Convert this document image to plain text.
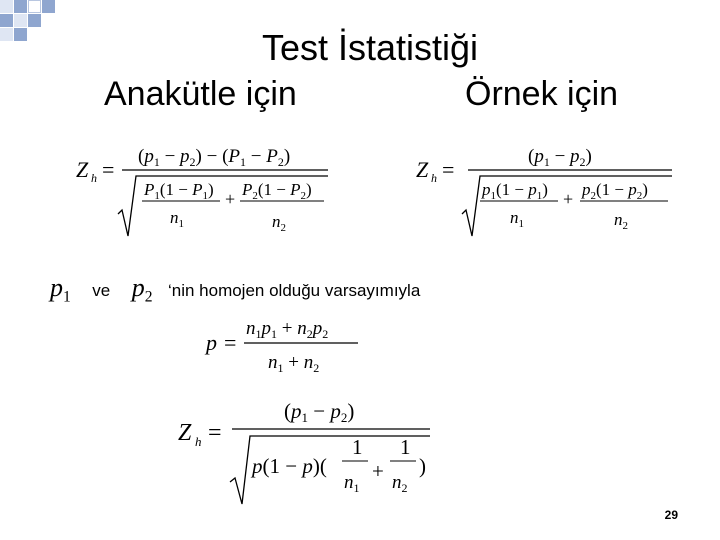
Test İstatistiği
Anakütle için	Örnek için
Z h =
$(p_1 - p_2) - (P_1 - P_2)$
$P_1(1 - P_1)$
$n_1$
+ $P_2(1 - P_2)$
$n_2$
Z h =
$(p_1 - p_2)$
$p_1(1 - p_1)$
$n_1$
+ $p_2(1 - p_2)$
$n_2$
$p_1$ ve $p_2$ ‘nin homojen olduğu varsayımıyla
p =
$n_1p_1 + n_2p_2$
$n_1 + n_2$
Z h =
(p1 − p2)
p(1 − p)(
1
$n_1$
+
1
$n_2$
)
29
